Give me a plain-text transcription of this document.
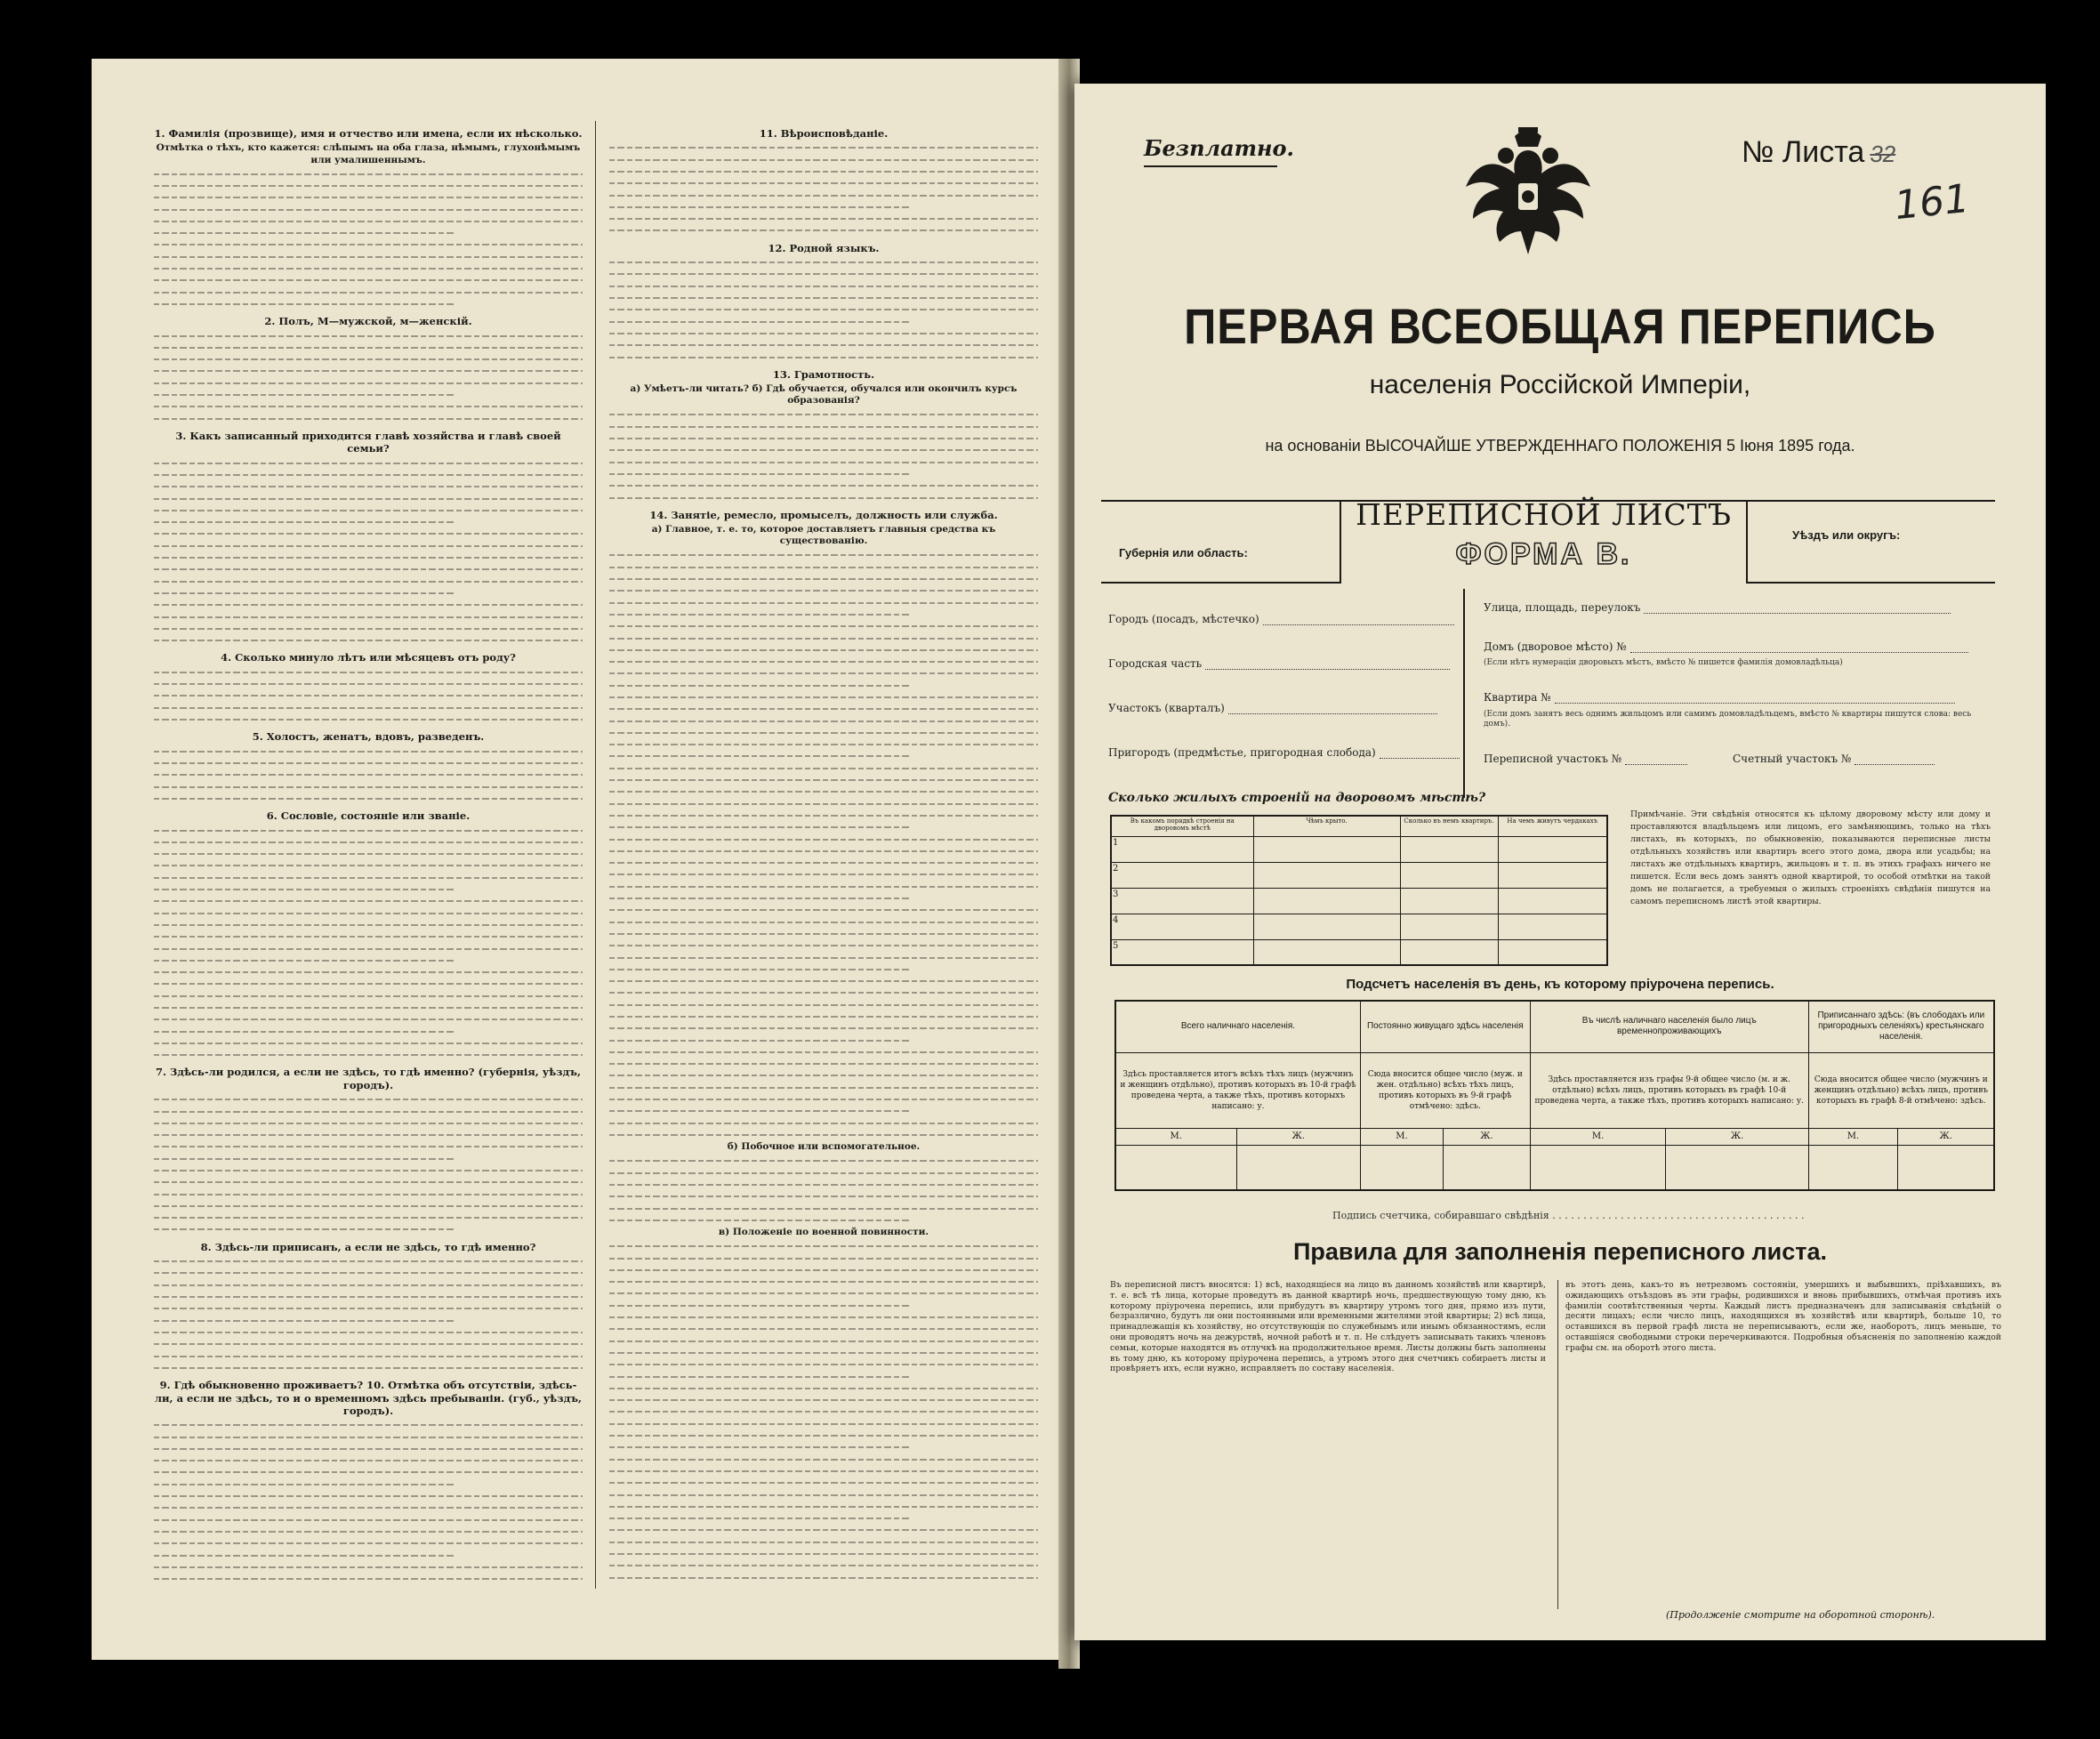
1. Фамилія (прозвище), имя и отчество или имена, если их нѣсколько.
Отмѣтка о тѣхъ, кто кажется: слѣпымъ на оба глаза, нѣмымъ, глухонѣмымъ или умалишеннымъ.
2. Полъ, М—мужской, м—женскій.
3. Какъ записанный приходится главѣ хозяйства и главѣ своей семьи?
4. Сколько минуло лѣтъ или мѣсяцевъ отъ роду?
5. Холостъ, женатъ, вдовъ, разведенъ.
6. Сословіе, состояніе или званіе.
7. Здѣсь-ли родился, а если не здѣсь, то гдѣ именно? (губернія, уѣздъ, городъ).
8. Здѣсь-ли приписанъ, а если не здѣсь, то гдѣ именно?
9. Гдѣ обыкновенно проживаетъ? 10. Отмѣтка объ отсутствіи, здѣсь-ли, а если не здѣсь, то и о временномъ здѣсь пребываніи. (губ., уѣздъ, городъ).
11. Вѣроисповѣданіе.
12. Родной языкъ.
13. Грамотность.
а) Умѣетъ-ли читать? б) Гдѣ обучается, обучался или окончилъ курсъ образованія?
14. Занятіе, ремесло, промыселъ, должность или служба.
а) Главное, т. е. то, которое доставляетъ главныя средства къ существованію.
б) Побочное или вспомогательное.
в) Положеніе по военной повинности.
Безплатно.	№ Листа 32
161
ПЕРВАЯ ВСЕОБЩАЯ ПЕРЕПИСЬ
населенія Россійской Имперіи,
на основаніи ВЫСОЧАЙШЕ УТВЕРЖДЕННАГО ПОЛОЖЕНІЯ 5 Іюня 1895 года.
Губернія или область:
Уѣздъ или округъ:
ПЕРЕПИСНОЙ ЛИСТЪ
ФОРМА В.
Городъ (посадъ, мѣстечко)
Городская часть
Участокъ (кварталъ)
Пригородъ (предмѣстье, пригородная слобода)
Улица, площадь, переулокъ
Домъ (дворовое мѣсто) №
(Если нѣтъ нумераціи дворовыхъ мѣстъ, вмѣсто № пишется фамилія домовладѣльца)
Квартира №
(Если домъ занятъ весь однимъ жильцомъ или самимъ домовладѣльцемъ, вмѣсто № квартиры пишутся слова: весь домъ).
Переписной участокъ №	Счетный участокъ №
Сколько жилыхъ строеній на дворовомъ мѣстѣ?
Въ какомъ порядкѣ строенія на дворовомъ мѣстѣ	Чѣмъ крыто.	Сколько въ немъ квартиръ.	На чемъ живутъ чердакахъ
1			
2			
3			
4			
5			
Примѣчаніе. Эти свѣдѣнія относятся къ цѣлому дворовому мѣсту или дому и проставляются владѣльцемъ или лицомъ, его замѣняющимъ, только на тѣхъ листахъ, въ которыхъ, по обыкновенію, показываются переписные листы отдѣльныхъ хозяйствъ или квартиръ всего этого дома, двора или усадьбы; на листахъ же отдѣльныхъ квартиръ, жильцовъ и т. п. въ этихъ графахъ ничего не пишется. Если весь домъ занятъ одной квартирой, то особой отмѣтки на такой домъ не полагается, а требуемыя о жилыхъ строеніяхъ свѣдѣнія пишутся на самомъ переписномъ листѣ этой квартиры.
Подсчетъ населенія въ день, къ которому пріурочена перепись.
Всего наличнаго населенія.		Постоянно живущаго здѣсь населенія		Въ числѣ наличнаго населенія было лицъ временнопроживающихъ		Приписаннаго здѣсь: (въ слободахъ или пригородныхъ селеніяхъ) крестьянскаго населенія.	
Здѣсь проставляется итогъ всѣхъ тѣхъ лицъ (мужчинъ и женщинъ отдѣльно), противъ которыхъ въ 10-й графѣ проведена черта, а также тѣхъ, противъ которыхъ написано: у.		Сюда вносится общее число (муж. и жен. отдѣльно) всѣхъ тѣхъ лицъ, противъ которыхъ въ 9-й графѣ отмѣчено: здѣсь.		Здѣсь проставляется изъ графы 9-й общее число (м. и ж. отдѣльно) всѣхъ лицъ, противъ которыхъ въ графѣ 10-й проведена черта, а также тѣхъ, противъ которыхъ написано: у.		Сюда вносится общее число (мужчинъ и женщинъ отдѣльно) всѣхъ лицъ, противъ которыхъ въ графѣ 8-й отмѣчено: здѣсь.	
М.	Ж.	М.	Ж.	М.	Ж.	М.	Ж.

Подпись счетчика, собиравшаго свѣдѣнія . . . . . . . . . . . . . . . . . . . . . . . . . . . . . . . . . . . . . . . . .
Правила для заполненія переписного листа.
Въ переписной листъ вносятся: 1) всѣ, находящіеся на лицо въ данномъ хозяйствѣ или квартирѣ, т. е. всѣ тѣ лица, которые проведутъ въ данной квартирѣ ночь, предшествующую тому дню, къ которому пріурочена перепись, или прибудутъ въ квартиру утромъ того дня, прямо изъ пути, безразлично, будутъ ли они постоянными или временными жителями этой квартиры; 2) всѣ лица, принадлежащія къ хозяйству, но отсутствующія по служебнымъ или инымъ обязанностямъ, если они проводятъ ночь на дежурствѣ, ночной работѣ и т. п. Не слѣдуетъ записывать такихъ членовъ семьи, которые находятся въ отлучкѣ на продолжительное время. Листы должны быть заполнены въ тому дню, къ которому пріурочена перепись, а утромъ этого дня счетчикъ собираетъ листы и провѣряетъ ихъ, если нужно, исправляетъ по составу населенія.
въ этотъ день, какъ-то въ нетрезвомъ состояніи, умершихъ и выбывшихъ, пріѣхавшихъ, въ ожидающихъ отъѣздовъ въ эти графы, родившихся и вновь прибывшихъ, отмѣчая противъ ихъ фамиліи соотвѣтственныя черты. Каждый листъ предназначенъ для записыванія свѣдѣній о десяти лицахъ; если число лицъ, находящихся въ хозяйствѣ или квартирѣ, больше 10, то оставшихся въ первой графѣ листа не переписываютъ, если же, наоборотъ, лицъ меньше, то оставшіяся свободными строки перечеркиваются. Подробныя объясненія по заполненію каждой графы см. на оборотѣ этого листа.
(Продолженіе смотрите на оборотной сторонѣ).
